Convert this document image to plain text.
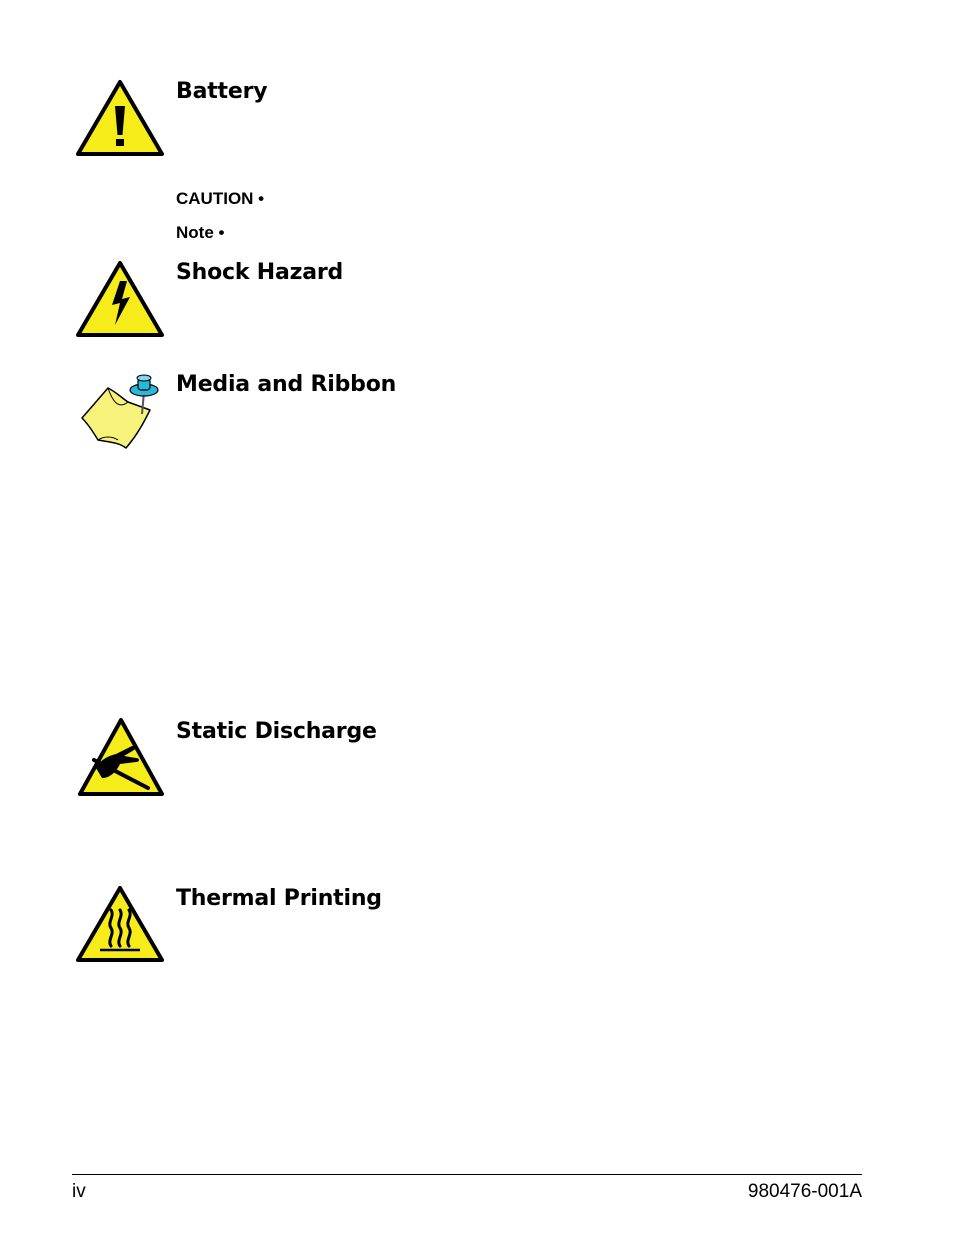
Battery
CAUTION •
Note •
Shock Hazard
Media and Ribbon
Static Discharge
Thermal Printing
iv	980476-001A
